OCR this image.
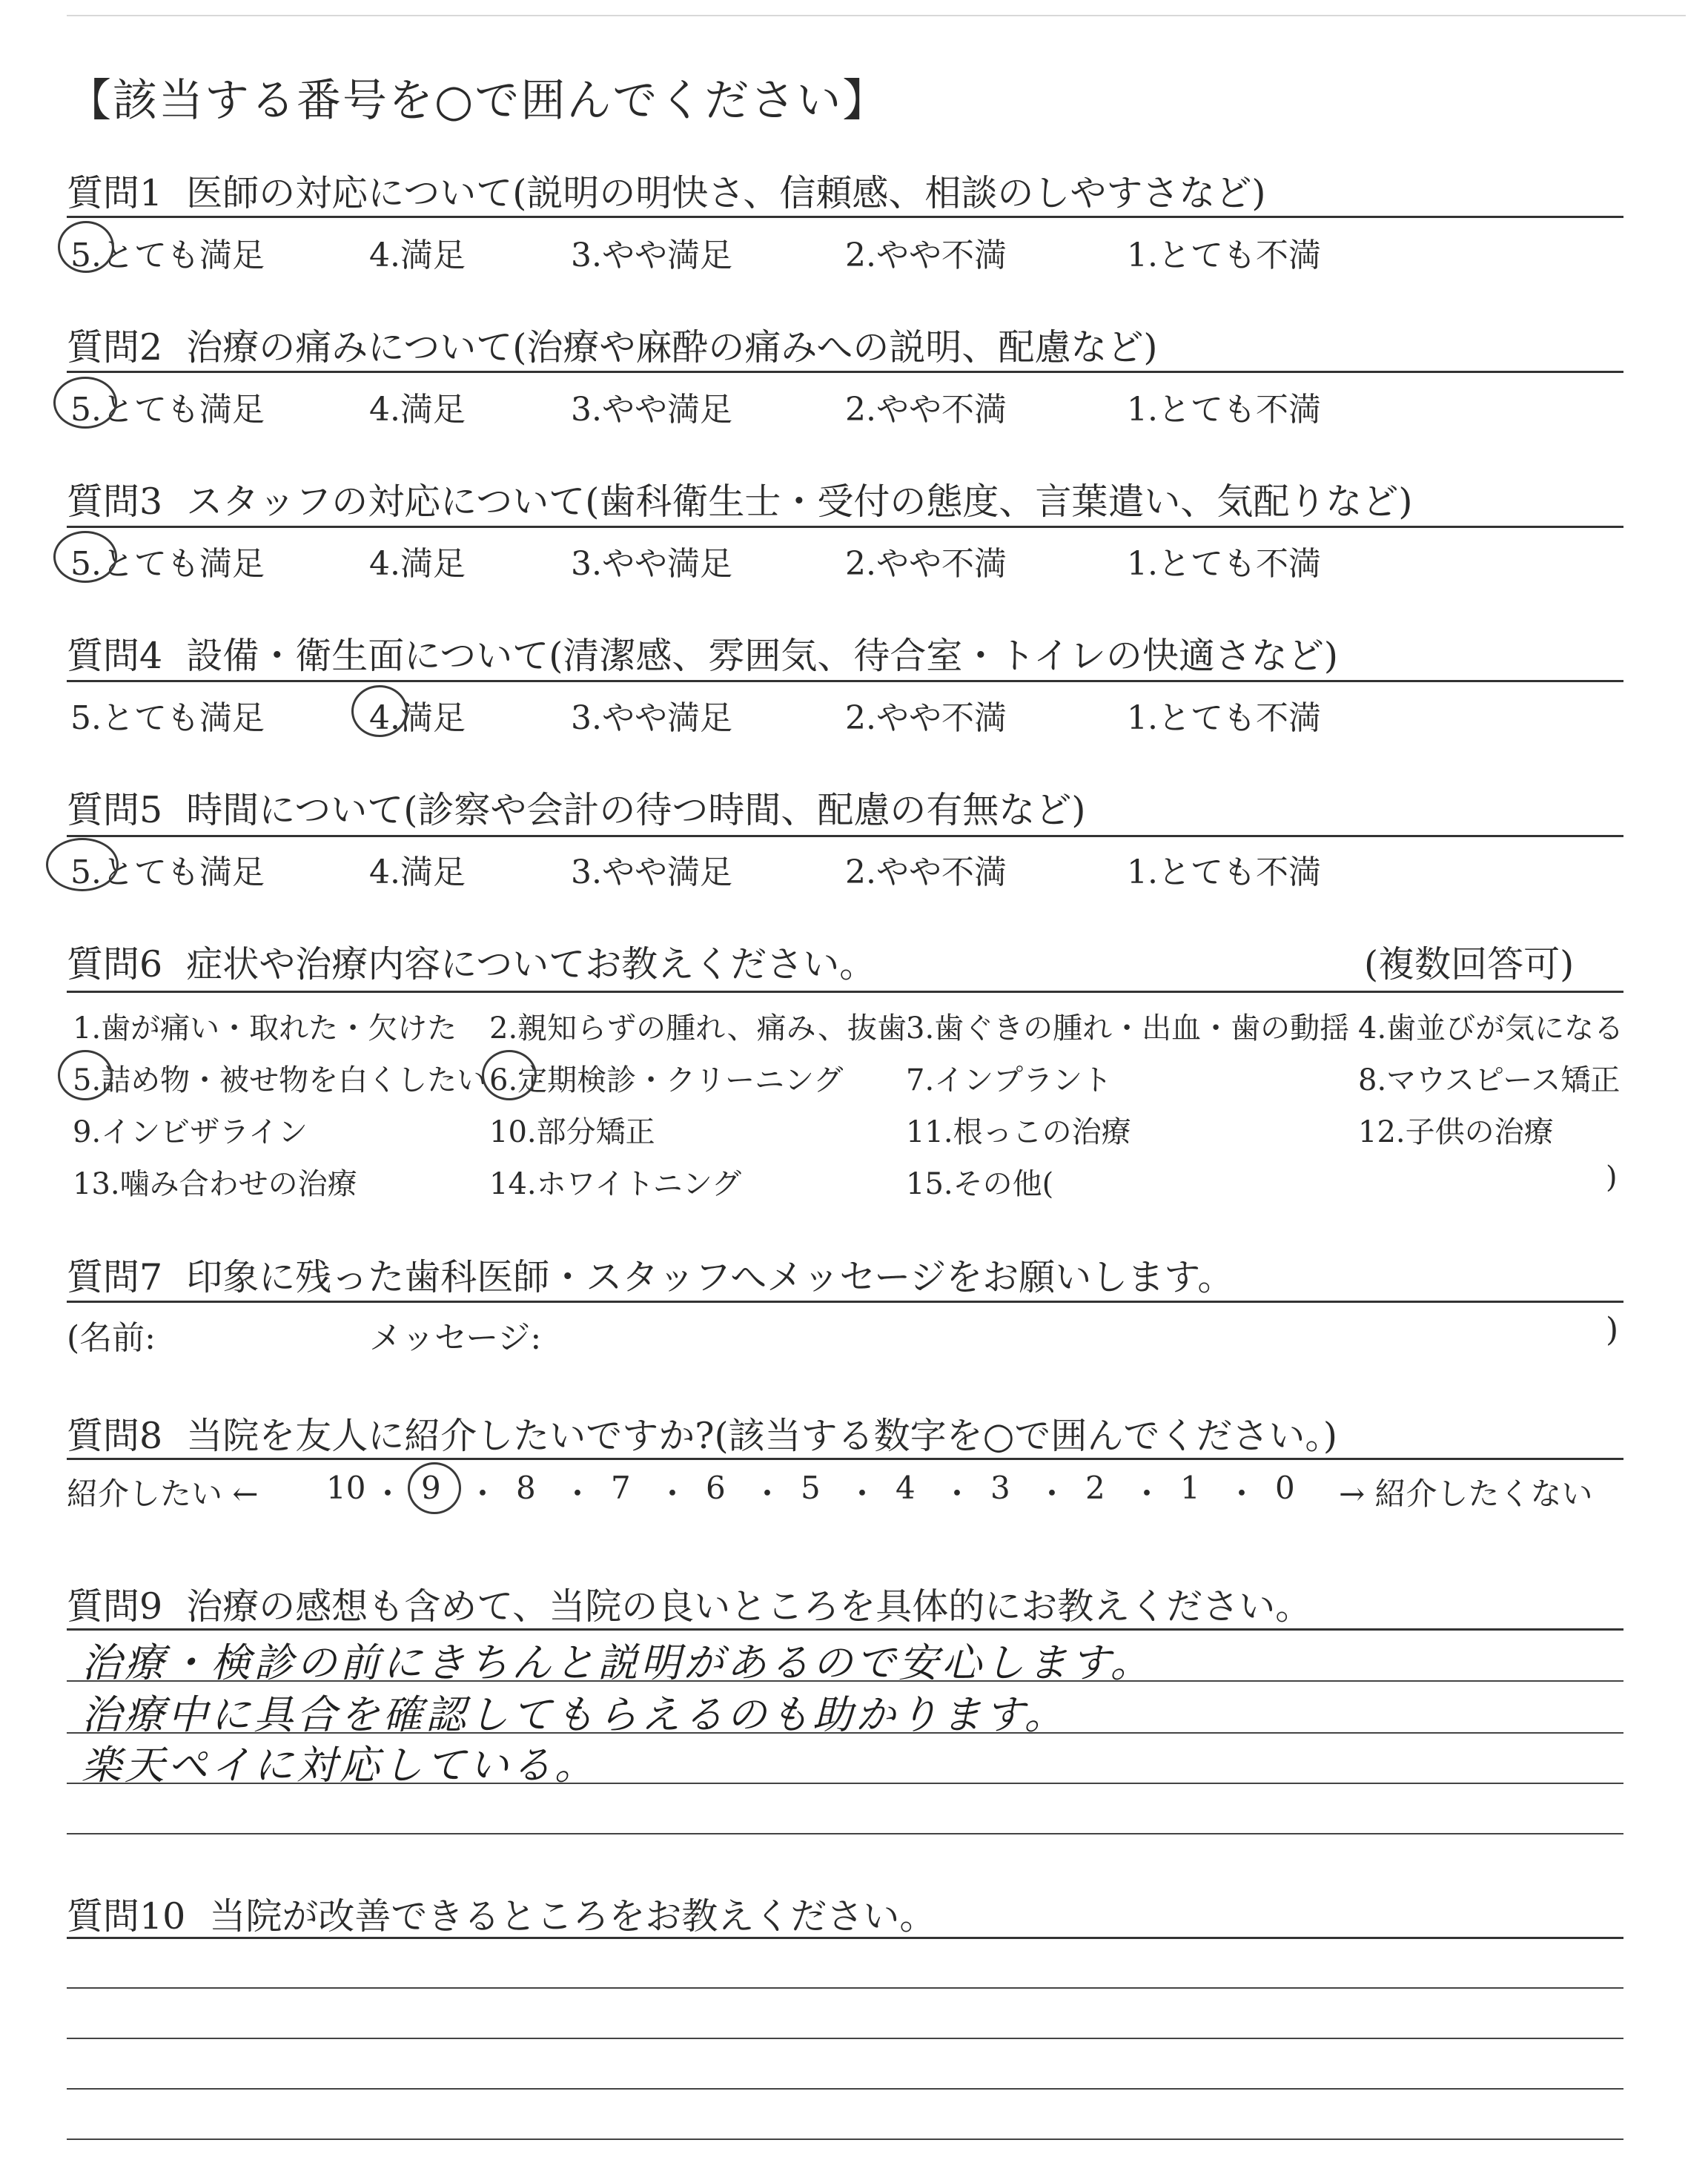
【該当する番号を○で囲んでください】
質問1 医師の対応について(説明の明快さ、信頼感、相談のしやすさなど)
5.とても満足	4.満足	3.やや満足	2.やや不満	1.とても不満
質問2 治療の痛みについて(治療や麻酔の痛みへの説明、配慮など)
5.とても満足	4.満足	3.やや満足	2.やや不満	1.とても不満
質問3 スタッフの対応について(歯科衛生士・受付の態度、言葉遣い、気配りなど)
5.とても満足	4.満足	3.やや満足	2.やや不満	1.とても不満
質問4 設備・衛生面について(清潔感、雰囲気、待合室・トイレの快適さなど)
5.とても満足	4.満足	3.やや満足	2.やや不満	1.とても不満
質問5 時間について(診察や会計の待つ時間、配慮の有無など)
5.とても満足	4.満足	3.やや満足	2.やや不満	1.とても不満
質問6 症状や治療内容についてお教えください。	(複数回答可)
1.歯が痛い・取れた・欠けた 2.親知らずの腫れ、痛み、抜歯 3.歯ぐきの腫れ・出血・歯の動揺 4.歯並びが気になる
5.詰め物・被せ物を白くしたい 6.定期検診・クリーニング 7.インプラント	8.マウスピース矯正
9.インビザライン	10.部分矯正	11.根っこの治療	12.子供の治療
13.噛み合わせの治療	14.ホワイトニング	15.その他(	)
質問7 印象に残った歯科医師・スタッフへメッセージをお願いします。
(名前:	メッセージ:	)
質問8 当院を友人に紹介したいですか?(該当する数字を○で囲んでください。)
紹介したい ←	→ 紹介したくない
10 ・ 9 ・ 8 ・ 7 ・ 6 ・ 5 ・ 4 ・ 3 ・ 2 ・ 1 ・ 0
質問9 治療の感想も含めて、当院の良いところを具体的にお教えください。
治療・検診の前にきちんと説明があるので安心します。
治療中に具合を確認してもらえるのも助かります。
楽天ペイに対応している。
質問10 当院が改善できるところをお教えください。
